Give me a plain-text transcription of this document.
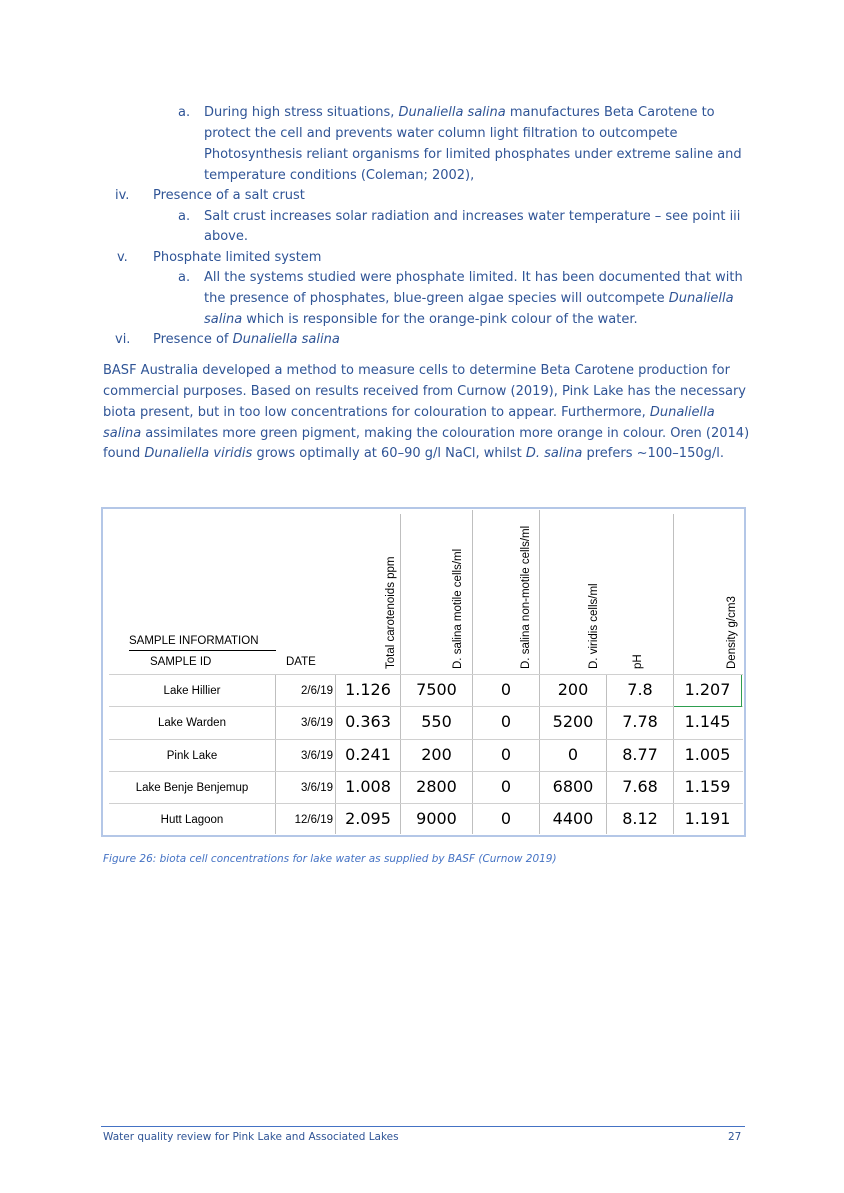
a. During high stress situations, Dunaliella salina manufactures Beta Carotene to
protect the cell and prevents water column light filtration to outcompete
Photosynthesis reliant organisms for limited phosphates under extreme saline and
temperature conditions (Coleman; 2002),
iv. Presence of a salt crust
a. Salt crust increases solar radiation and increases water temperature – see point iii
above.
v. Phosphate limited system
a. All the systems studied were phosphate limited. It has been documented that with
the presence of phosphates, blue-green algae species will outcompete Dunaliella
salina which is responsible for the orange-pink colour of the water.
vi. Presence of Dunaliella salina
BASF Australia developed a method to measure cells to determine Beta Carotene production for
commercial purposes. Based on results received from Curnow (2019), Pink Lake has the necessary
biota present, but in too low concentrations for colouration to appear. Furthermore, Dunaliella
salina assimilates more green pigment, making the colouration more orange in colour. Oren (2014)
found Dunaliella viridis grows optimally at 60–90 g/l NaCl, whilst D. salina prefers ~100–150g/l.
SAMPLE INFORMATION
SAMPLE ID	DATE	Total carotenoids ppm	D. salina motile cells/ml	D. salina non-motile cells/ml	D. viridis cells/ml	pH	Density g/cm3
Lake Hillier	2/6/19 1.126	7500	0	200	7.8	1.207
Lake Warden	3/6/19 0.363	550	0	5200	7.78	1.145
Pink Lake	3/6/19 0.241	200	0	0	8.77	1.005
Lake Benje Benjemup	3/6/19 1.008	2800	0	6800	7.68	1.159
Hutt Lagoon	12/6/19 2.095	9000	0	4400	8.12	1.191
Figure 26: biota cell concentrations for lake water as supplied by BASF (Curnow 2019)
Water quality review for Pink Lake and Associated Lakes	27
